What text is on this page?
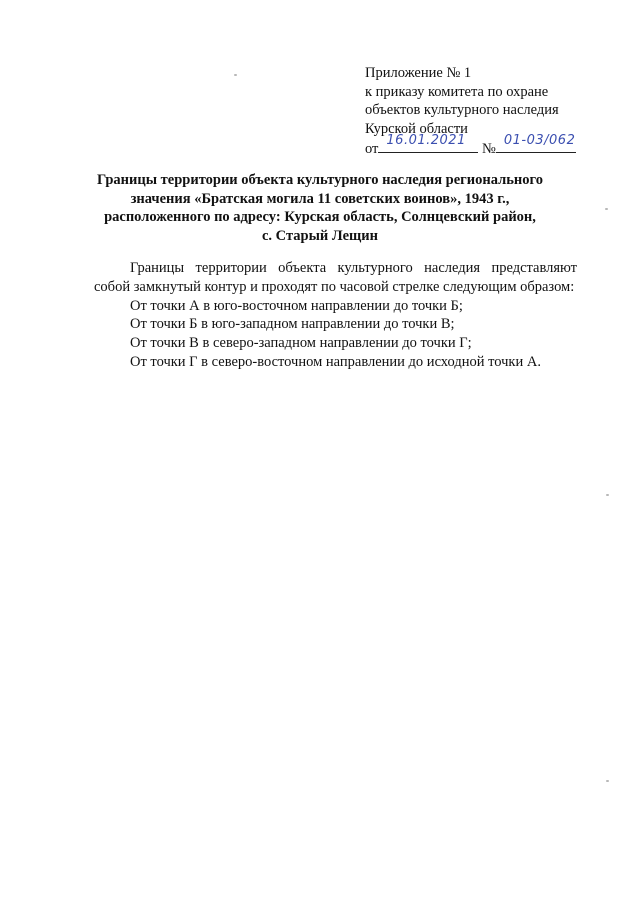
Приложение № 1
к приказу комитета по охране
объектов культурного наследия
Курской области
от
16.01.2021
№
01-03/062
Границы территории объекта культурного наследия регионального
значения «Братская могила 11 советских воинов», 1943 г.,
расположенного по адресу: Курская область, Солнцевский район,
с. Старый Лещин

Границы территории объекта культурного наследия представляют собой замкнутый контур и проходят по часовой стрелке следующим образом:

От точки А в юго-восточном направлении до точки Б;

От точки Б в юго-западном направлении до точки В;

От точки В в северо-западном направлении до точки Г;

От точки Г в северо-восточном направлении до исходной точки А.
